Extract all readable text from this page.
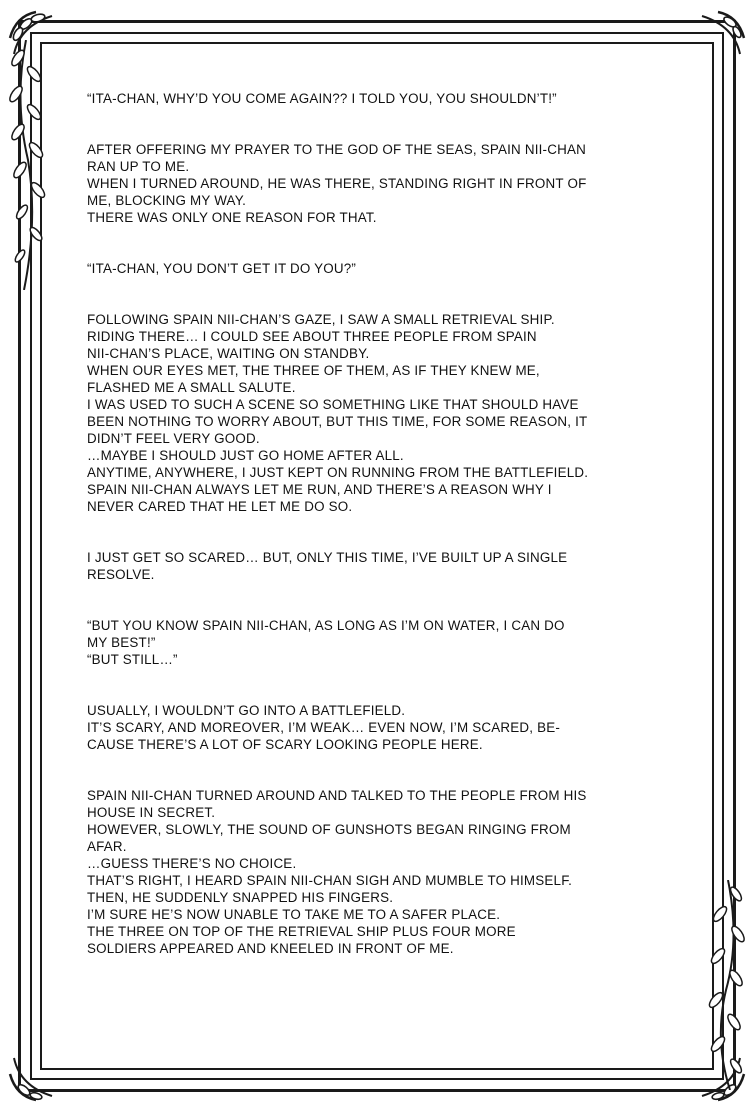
“ITA-CHAN, WHY’D YOU COME AGAIN?? I TOLD YOU, YOU SHOULDN’T!”

AFTER OFFERING MY PRAYER TO THE GOD OF THE SEAS, SPAIN NII-CHAN
RAN UP TO ME.
WHEN I TURNED AROUND, HE WAS THERE, STANDING RIGHT IN FRONT OF
ME, BLOCKING MY WAY.
THERE WAS ONLY ONE REASON FOR THAT.

“ITA-CHAN, YOU DON’T GET IT DO YOU?”

FOLLOWING SPAIN NII-CHAN’S GAZE, I SAW A SMALL RETRIEVAL SHIP.
RIDING THERE… I COULD SEE ABOUT THREE PEOPLE FROM SPAIN
NII-CHAN’S PLACE, WAITING ON STANDBY.
WHEN OUR EYES MET, THE THREE OF THEM, AS IF THEY KNEW ME,
FLASHED ME A SMALL SALUTE.
I WAS USED TO SUCH A SCENE SO SOMETHING LIKE THAT SHOULD HAVE
BEEN NOTHING TO WORRY ABOUT, BUT THIS TIME, FOR SOME REASON, IT
DIDN’T FEEL VERY GOOD.
…MAYBE I SHOULD JUST GO HOME AFTER ALL.
ANYTIME, ANYWHERE, I JUST KEPT ON RUNNING FROM THE BATTLEFIELD.
SPAIN NII-CHAN ALWAYS LET ME RUN, AND THERE’S A REASON WHY I
NEVER CARED THAT HE LET ME DO SO.

I JUST GET SO SCARED… BUT, ONLY THIS TIME, I’VE BUILT UP A SINGLE
RESOLVE.

“BUT YOU KNOW SPAIN NII-CHAN, AS LONG AS I’M ON WATER, I CAN DO
MY BEST!”
“BUT STILL…”

USUALLY, I WOULDN’T GO INTO A BATTLEFIELD.
IT’S SCARY, AND MOREOVER, I’M WEAK… EVEN NOW, I’M SCARED, BE-
CAUSE THERE’S A LOT OF SCARY LOOKING PEOPLE HERE.

SPAIN NII-CHAN TURNED AROUND AND TALKED TO THE PEOPLE FROM HIS
HOUSE IN SECRET.
HOWEVER, SLOWLY, THE SOUND OF GUNSHOTS BEGAN RINGING FROM
AFAR.
…GUESS THERE’S NO CHOICE.
THAT’S RIGHT, I HEARD SPAIN NII-CHAN SIGH AND MUMBLE TO HIMSELF.
THEN, HE SUDDENLY SNAPPED HIS FINGERS.
I’M SURE HE’S NOW UNABLE TO TAKE ME TO A SAFER PLACE.
THE THREE ON TOP OF THE RETRIEVAL SHIP PLUS FOUR MORE
SOLDIERS APPEARED AND KNEELED IN FRONT OF ME.
